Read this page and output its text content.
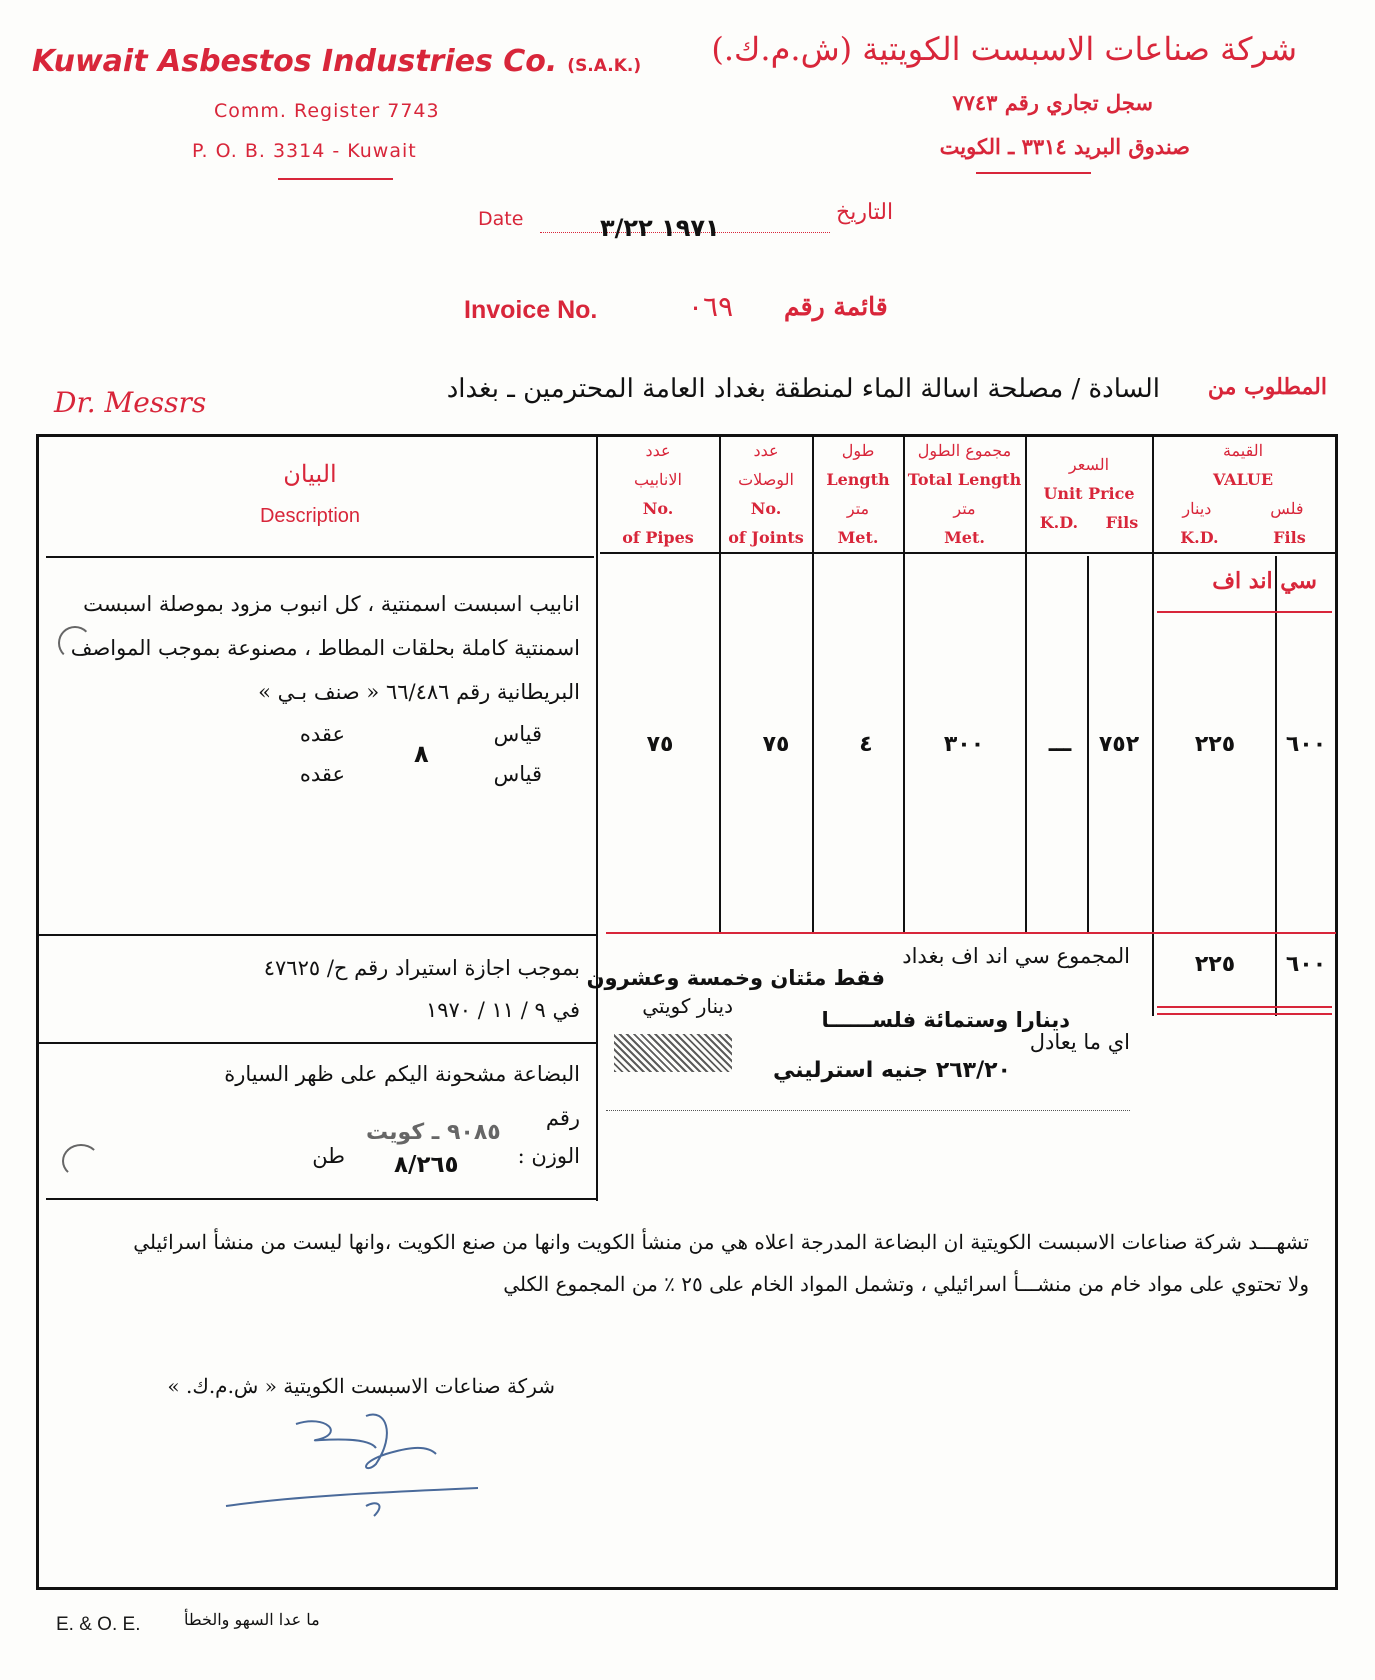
Kuwait Asbestos Industries Co. (S.A.K.) شركة صناعات الاسبست الكويتية (ش.م.ك.)
Comm. Register 7743	سجل تجاري رقم ٧٧٤٣
P. O. B. 3314 - Kuwait	صندوق البريد ٣٣١٤ ـ الكويت
Date	١٩٧١ ٣/٢٢
التاريخ
Invoice No.	٠٦٩ قائمة رقم
Dr. Messrs	السادة / مصلحة اسالة الماء لمنطقة بغداد العامة المحترمين ـ بغداد المطلوب من
البيان
Description
عدد
الانابيب
No.
of Pipes
عدد
الوصلات
No.
of Joints
طول
Length
متر
Met.
مجموع الطول
Total Length
متر
Met.
السعر
Unit Price
K.D. Fils
القيمة
VALUE
دينار	فلس
K.D.	Fils
سي اند اف
انابيب اسبست اسمنتية ، كل انبوب مزود بموصلة اسبست
اسمنتية كاملة بحلقات المطاط ، مصنوعة بموجب المواصف
البريطانية رقم ٦٦/٤٨٦ « صنف بـي »
قياس
عقده
٨
قياس
عقده
٧٥	٧٥	٤	٣٠٠	ـــ	٧٥٢	٢٢٥	٦٠٠
بموجب اجازة استيراد رقم ح/ ٤٧٦٢٥
في ٩ / ١١ / ١٩٧٠
البضاعة مشحونة اليكم على ظهر السيارة
رقم
٩٠٨٥ ـ كويت
الوزن :
٨/٢٦٥
طن
المجموع سي اند اف بغداد
فقط مئتان وخمسة وعشرون
دينار كويتي
دينارا وستمائة فلســــــا
اي ما يعادل
٢٦٣/٢٠ جنيه استرليني
٢٢٥	٦٠٠
تشهـــد شركة صناعات الاسبست الكويتية ان البضاعة المدرجة اعلاه هي من منشأ الكويت وانها من صنع الكويت ،وانها ليست من منشأ اسرائيلي
ولا تحتوي على مواد خام من منشـــأ اسرائيلي ، وتشمل المواد الخام على ٢٥ ٪ من المجموع الكلي
شركة صناعات الاسبست الكويتية « ش.م.ك. »
E. & O. E.	ما عدا السهو والخطأ
